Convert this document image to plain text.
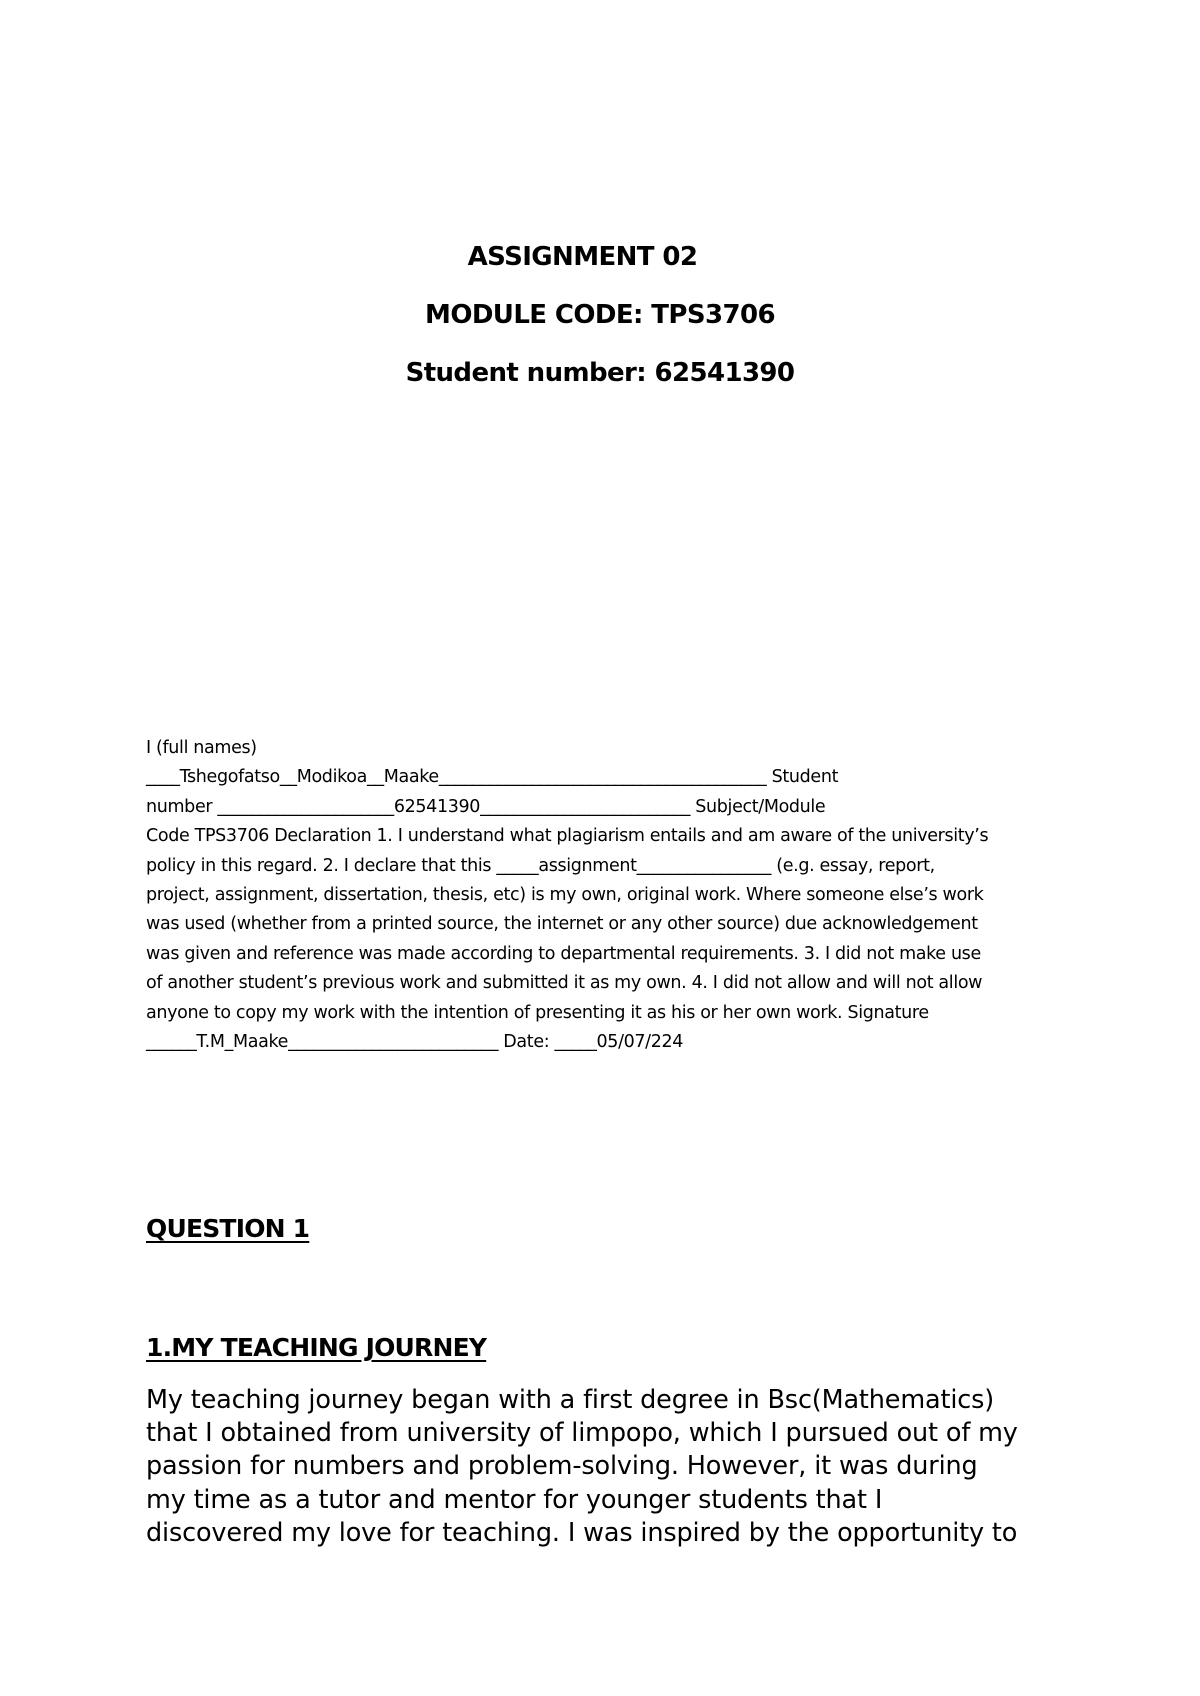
ASSIGNMENT 02
MODULE CODE: TPS3706
Student number: 62541390
I (full names)
____Tshegofatso__Modikoa__Maake_______________________________________ Student
number _____________________62541390_________________________ Subject/Module
Code TPS3706 Declaration 1. I understand what plagiarism entails and am aware of the university’s
policy in this regard. 2. I declare that this _____assignment________________ (e.g. essay, report,
project, assignment, dissertation, thesis, etc) is my own, original work. Where someone else’s work
was used (whether from a printed source, the internet or any other source) due acknowledgement
was given and reference was made according to departmental requirements. 3. I did not make use
of another student’s previous work and submitted it as my own. 4. I did not allow and will not allow
anyone to copy my work with the intention of presenting it as his or her own work. Signature
______T.M_Maake_________________________ Date: _____05/07/224
QUESTION 1
1.MY TEACHING JOURNEY
My teaching journey began with a first degree in Bsc(Mathematics)
that I obtained from university of limpopo, which I pursued out of my
passion for numbers and problem-solving. However, it was during
my time as a tutor and mentor for younger students that I
discovered my love for teaching. I was inspired by the opportunity to
